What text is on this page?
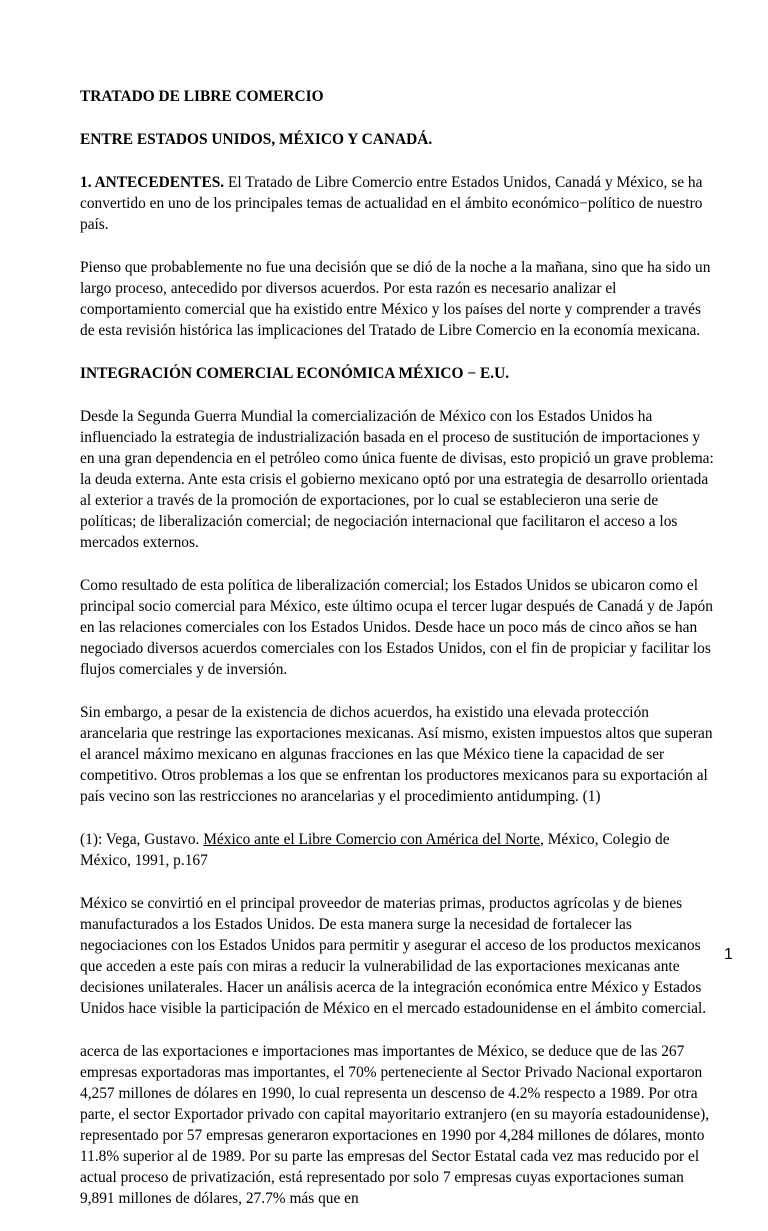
TRATADO DE LIBRE COMERCIO

ENTRE ESTADOS UNIDOS, MÉXICO Y CANADÁ.

1. ANTECEDENTES. El Tratado de Libre Comercio entre Estados Unidos, Canadá y México, se ha convertido en uno de los principales temas de actualidad en el ámbito económico−político de nuestro país.

Pienso que probablemente no fue una decisión que se dió de la noche a la mañana, sino que ha sido un largo proceso, antecedido por diversos acuerdos. Por esta razón es necesario analizar el comportamiento comercial que ha existido entre México y los países del norte y comprender a través de esta revisión histórica las implicaciones del Tratado de Libre Comercio en la economía mexicana.

INTEGRACIÓN COMERCIAL ECONÓMICA MÉXICO − E.U.

Desde la Segunda Guerra Mundial la comercialización de México con los Estados Unidos ha influenciado la estrategia de industrialización basada en el proceso de sustitución de importaciones y en una gran dependencia en el petróleo como única fuente de divisas, esto propició un grave problema: la deuda externa. Ante esta crisis el gobierno mexicano optó por una estrategia de desarrollo orientada al exterior a través de la promoción de exportaciones, por lo cual se establecieron una serie de políticas; de liberalización comercial; de negociación internacional que facilitaron el acceso a los mercados externos.

Como resultado de esta política de liberalización comercial; los Estados Unidos se ubicaron como el principal socio comercial para México, este último ocupa el tercer lugar después de Canadá y de Japón en las relaciones comerciales con los Estados Unidos. Desde hace un poco más de cinco años se han negociado diversos acuerdos comerciales con los Estados Unidos, con el fin de propiciar y facilitar los flujos comerciales y de inversión.

Sin embargo, a pesar de la existencia de dichos acuerdos, ha existido una elevada protección arancelaria que restringe las exportaciones mexicanas. Así mismo, existen impuestos altos que superan el arancel máximo mexicano en algunas fracciones en las que México tiene la capacidad de ser competitivo. Otros problemas a los que se enfrentan los productores mexicanos para su exportación al país vecino son las restricciones no arancelarias y el procedimiento antidumping. (1)

(1): Vega, Gustavo. México ante el Libre Comercio con América del Norte, México, Colegio de México, 1991, p.167

México se convirtió en el principal proveedor de materias primas, productos agrícolas y de bienes manufacturados a los Estados Unidos. De esta manera surge la necesidad de fortalecer las negociaciones con los Estados Unidos para permitir y asegurar el acceso de los productos mexicanos que acceden a este país con miras a reducir la vulnerabilidad de las exportaciones mexicanas ante decisiones unilaterales. Hacer un análisis acerca de la integración económica entre México y Estados Unidos hace visible la participación de México en el mercado estadounidense en el ámbito comercial.

acerca de las exportaciones e importaciones mas importantes de México, se deduce que de las 267 empresas exportadoras mas importantes, el 70% perteneciente al Sector Privado Nacional exportaron 4,257 millones de dólares en 1990, lo cual representa un descenso de 4.2% respecto a 1989. Por otra parte, el sector Exportador privado con capital mayoritario extranjero (en su mayoría estadounidense), representado por 57 empresas generaron exportaciones en 1990 por 4,284 millones de dólares, monto 11.8% superior al de 1989. Por su parte las empresas del Sector Estatal cada vez mas reducido por el actual proceso de privatización, está representado por solo 7 empresas cuyas exportaciones suman 9,891 millones de dólares, 27.7% más que en

1
